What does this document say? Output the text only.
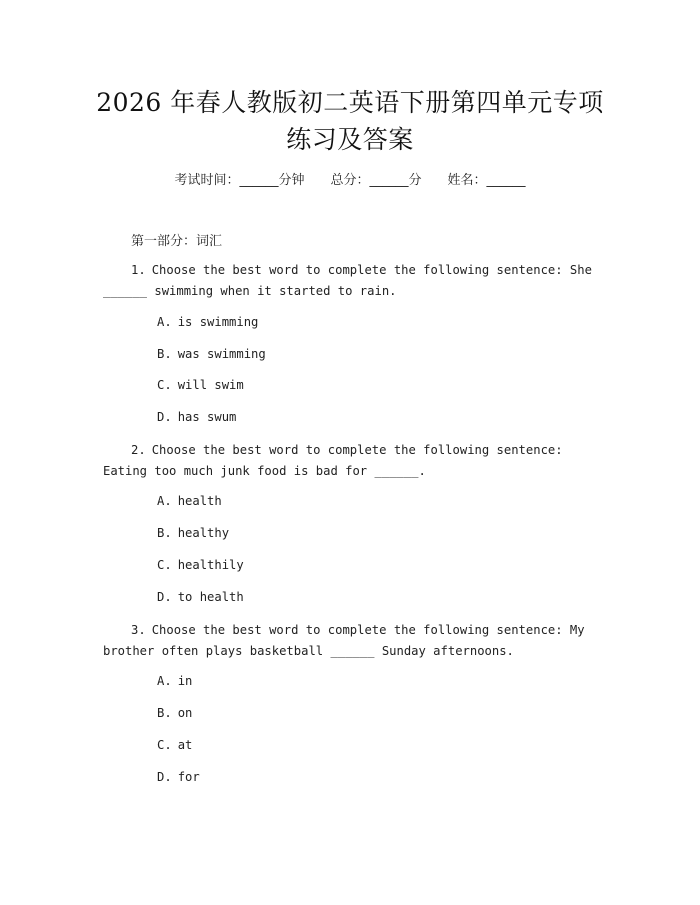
2026 年春人教版初二英语下册第四单元专项
练习及答案
考试时间：______分钟 总分：______分 姓名：______
第一部分：词汇

1. Choose the best word to complete the following sentence: She ______ swimming when it started to rain.

A. is swimming
B. was swimming
C. will swim
D. has swum

2. Choose the best word to complete the following sentence: Eating too much junk food is bad for ______.

A. health
B. healthy
C. healthily
D. to health

3. Choose the best word to complete the following sentence: My brother often plays basketball ______ Sunday afternoons.

A. in
B. on
C. at
D. for
